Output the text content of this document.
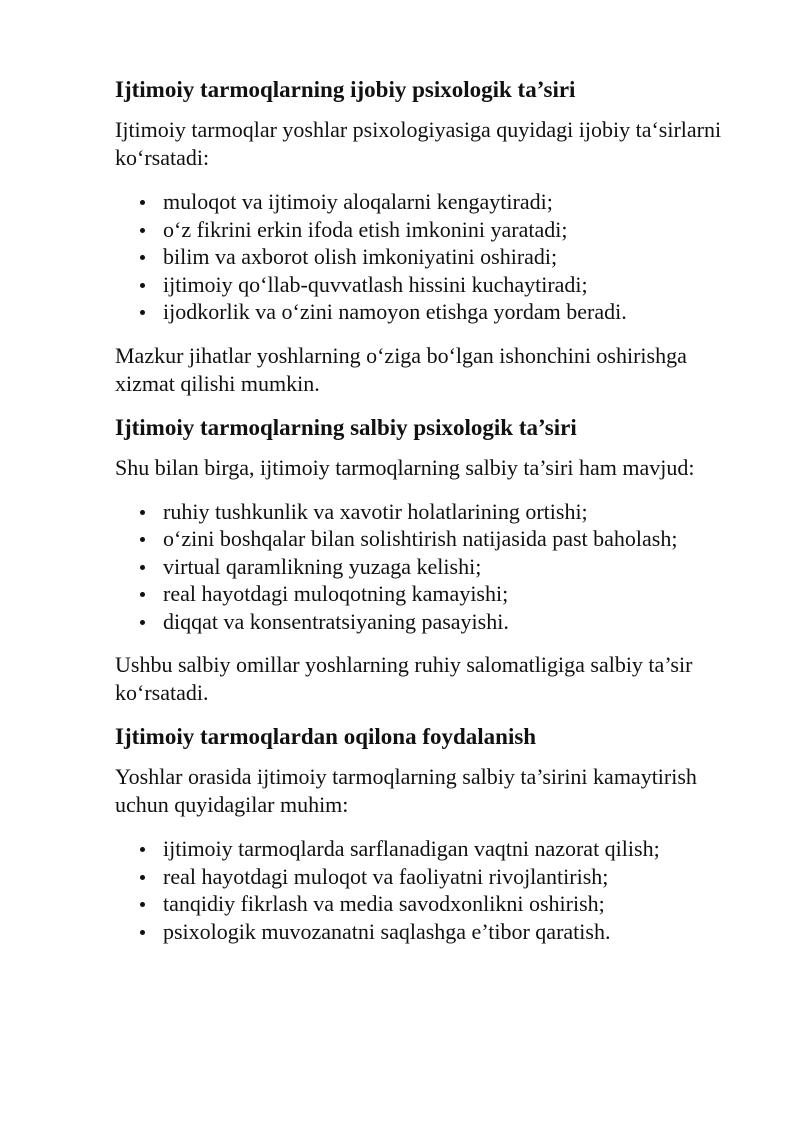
Ijtimoiy tarmoqlarning ijobiy psixologik ta’siri

Ijtimoiy tarmoqlar yoshlar psixologiyasiga quyidagi ijobiy ta‘sirlarni ko‘rsatadi:

muloqot va ijtimoiy aloqalarni kengaytiradi;
o‘z fikrini erkin ifoda etish imkonini yaratadi;
bilim va axborot olish imkoniyatini oshiradi;
ijtimoiy qo‘llab-quvvatlash hissini kuchaytiradi;
ijodkorlik va o‘zini namoyon etishga yordam beradi.

Mazkur jihatlar yoshlarning o‘ziga bo‘lgan ishonchini oshirishga xizmat qilishi mumkin.

Ijtimoiy tarmoqlarning salbiy psixologik ta’siri

Shu bilan birga, ijtimoiy tarmoqlarning salbiy ta’siri ham mavjud:

ruhiy tushkunlik va xavotir holatlarining ortishi;
o‘zini boshqalar bilan solishtirish natijasida past baholash;
virtual qaramlikning yuzaga kelishi;
real hayotdagi muloqotning kamayishi;
diqqat va konsentratsiyaning pasayishi.

Ushbu salbiy omillar yoshlarning ruhiy salomatligiga salbiy ta’sir ko‘rsatadi.

Ijtimoiy tarmoqlardan oqilona foydalanish

Yoshlar orasida ijtimoiy tarmoqlarning salbiy ta’sirini kamaytirish uchun quyidagilar muhim:

ijtimoiy tarmoqlarda sarflanadigan vaqtni nazorat qilish;
real hayotdagi muloqot va faoliyatni rivojlantirish;
tanqidiy fikrlash va media savodxonlikni oshirish;
psixologik muvozanatni saqlashga e’tibor qaratish.
